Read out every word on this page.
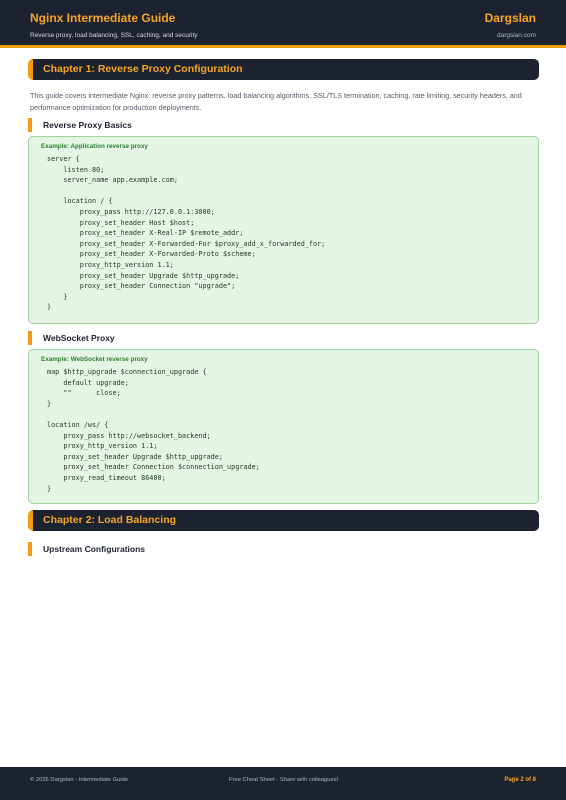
Nginx Intermediate Guide
Reverse proxy, load balancing, SSL, caching, and security
Dargslan
dargslan.com
Chapter 1: Reverse Proxy Configuration

This guide covers intermediate Nginx: reverse proxy patterns, load balancing algorithms, SSL/TLS termination, caching, rate limiting, security headers, and performance optimization for production deployments.

Reverse Proxy Basics
Example: Application reverse proxy
server {
listen 80;
server_name app.example.com;

location / {
proxy_pass http://127.0.0.1:3000;
proxy_set_header Host $host;
proxy_set_header X-Real-IP $remote_addr;
proxy_set_header X-Forwarded-For $proxy_add_x_forwarded_for;
proxy_set_header X-Forwarded-Proto $scheme;
proxy_http_version 1.1;
proxy_set_header Upgrade $http_upgrade;
proxy_set_header Connection "upgrade";
}
}
WebSocket Proxy
Example: WebSocket reverse proxy
map $http_upgrade $connection_upgrade {
default upgrade;
""      close;
}

location /ws/ {
proxy_pass http://websocket_backend;
proxy_http_version 1.1;
proxy_set_header Upgrade $http_upgrade;
proxy_set_header Connection $connection_upgrade;
proxy_read_timeout 86400;
}
Chapter 2: Load Balancing
Upstream Configurations
© 2026 Dargslan - Intermediate Guide	Free Cheat Sheet - Share with colleagues!	Page 2 of 8
